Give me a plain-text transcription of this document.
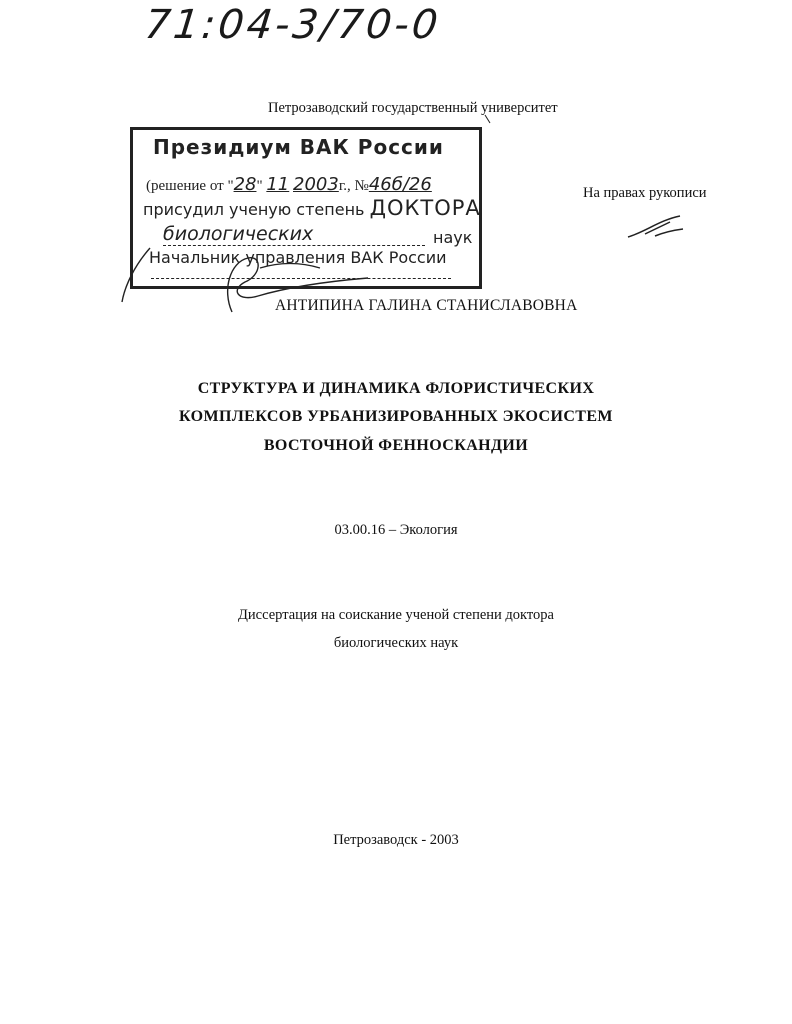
71:04-3/70-0
Петрозаводский государственный университет
На правах рукописи
Президиум ВАК России
(решение от "28" 11 2003г., №46б/26
присудил ученую степень ДОКТОРА
биологических	наук
Начальник управления ВАК России
АНТИПИНА ГАЛИНА СТАНИСЛАВОВНА
СТРУКТУРА И ДИНАМИКА ФЛОРИСТИЧЕСКИХ
КОМПЛЕКСОВ УРБАНИЗИРОВАННЫХ ЭКОСИСТЕМ
ВОСТОЧНОЙ ФЕННОСКАНДИИ
03.00.16 – Экология
Диссертация на соискание ученой степени доктора
биологических наук
Петрозаводск - 2003
